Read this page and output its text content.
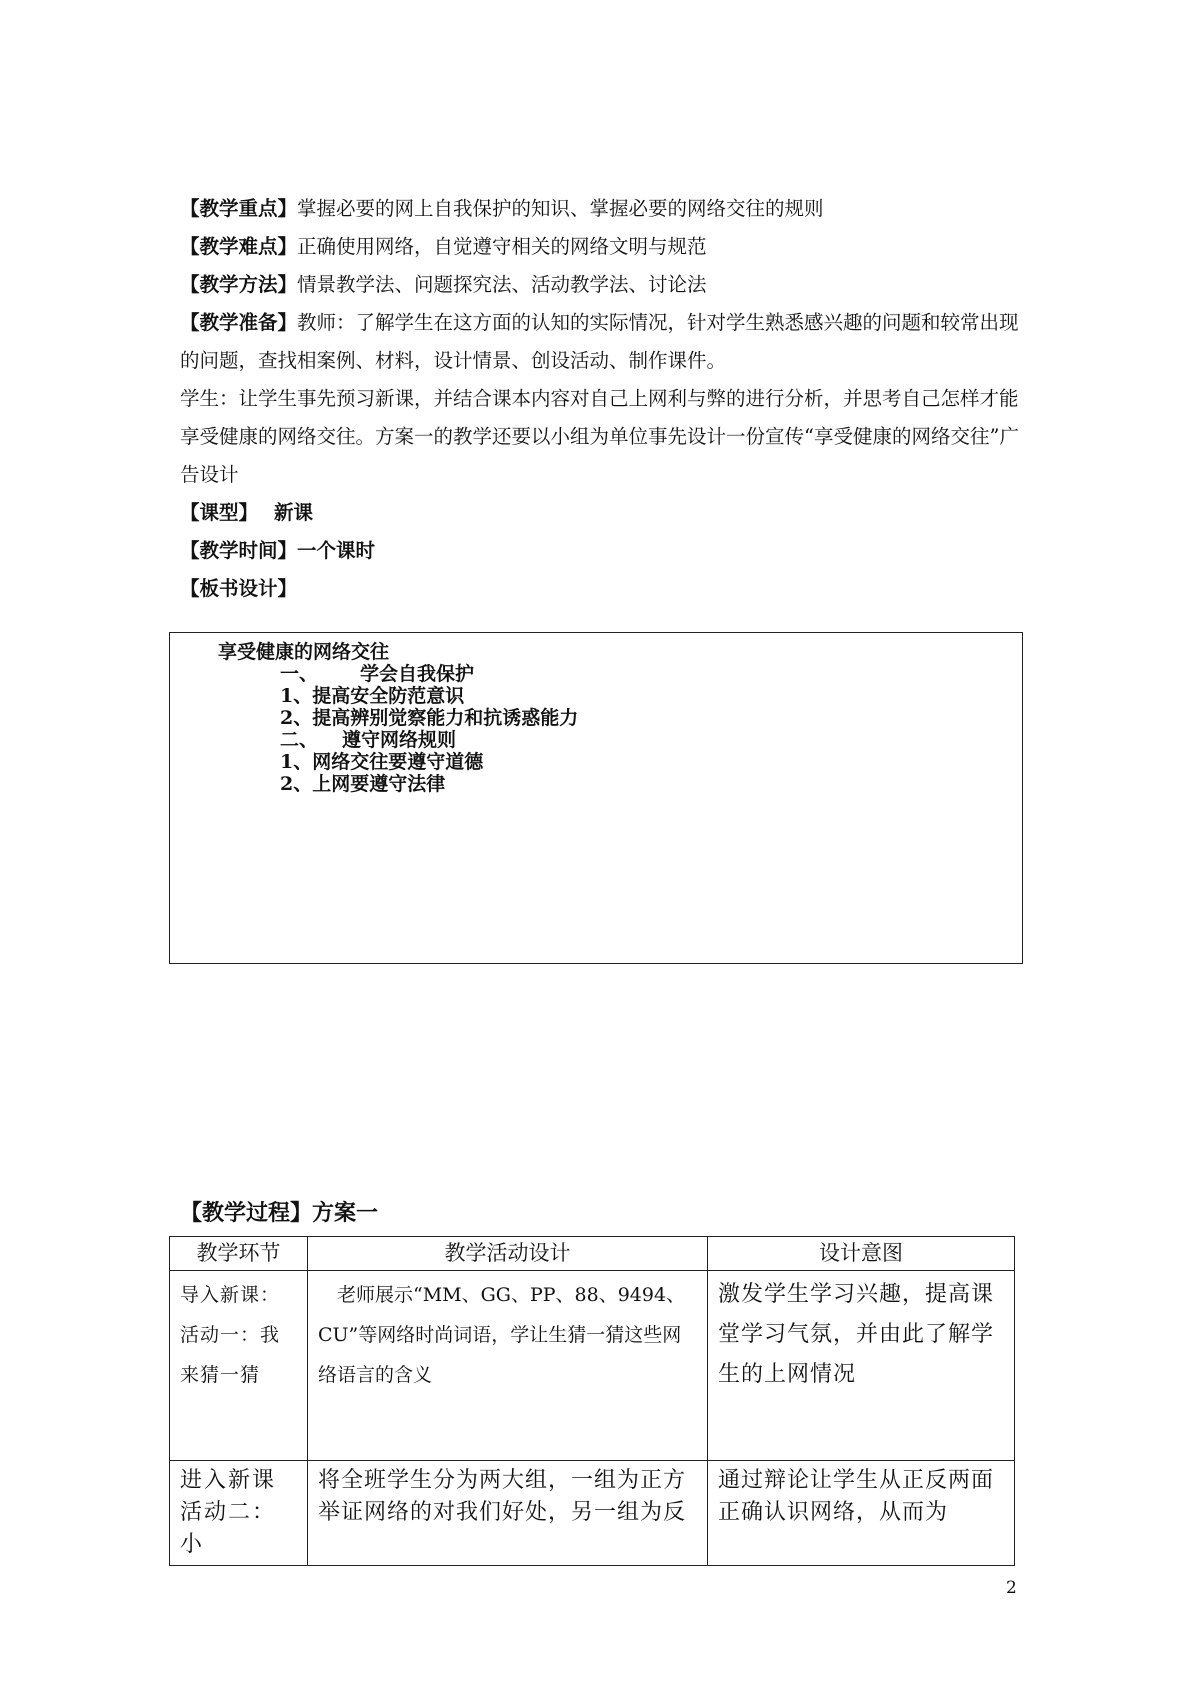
【教学重点】掌握必要的网上自我保护的知识、掌握必要的网络交往的规则
【教学难点】正确使用网络，自觉遵守相关的网络文明与规范
【教学方法】情景教学法、问题探究法、活动教学法、讨论法
【教学准备】教师：了解学生在这方面的认知的实际情况，针对学生熟悉感兴趣的问题和较常出现的问题，查找相案例、材料，设计情景、创设活动、制作课件。
学生：让学生事先预习新课，并结合课本内容对自己上网利与弊的进行分析，并思考自己怎样才能享受健康的网络交往。方案一的教学还要以小组为单位事先设计一份宣传“享受健康的网络交往”广告设计
【课型】 新课
【教学时间】一个课时
【板书设计】
享受健康的网络交往
一、 学会自我保护
1、提高安全防范意识
2、提高辨别觉察能力和抗诱惑能力
二、 遵守网络规则
1、网络交往要遵守道德
2、上网要遵守法律
【教学过程】方案一
教学环节	教学活动设计	设计意图

导入新课：活动一：我来猜一猜	　老师展示“MM、GG、PP、88、9494、CU”等网络时尚词语，学让生猜一猜这些网络语言的含义	激发学生学习兴趣，提高课堂学习气氛，并由此了解学生的上网情况

进入新课活动二：小	将全班学生分为两大组，一组为正方举证网络的对我们好处，另一组为反	通过辩论让学生从正反两面正确认识网络，从而为
2
